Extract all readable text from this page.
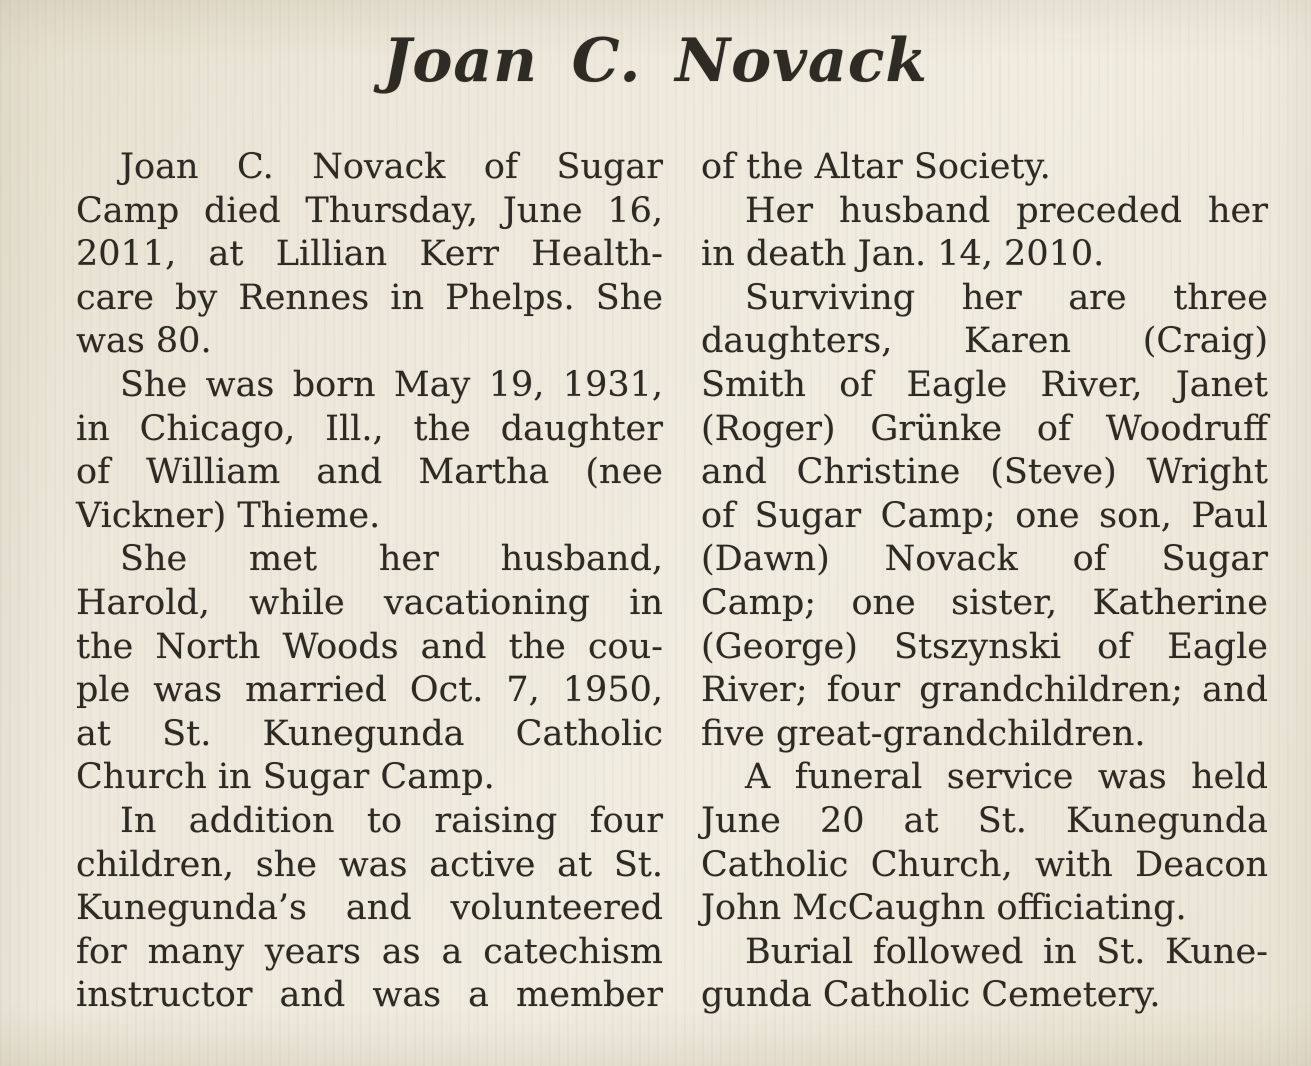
Joan C. Novack
Joan C. Novack of Sugar
Camp died Thursday, June 16,
2011, at Lillian Kerr Health-
care by Rennes in Phelps. She
was 80.
She was born May 19, 1931,
in Chicago, Ill., the daughter
of William and Martha (nee
Vickner) Thieme.
She met her husband,
Harold, while vacationing in
the North Woods and the cou-
ple was married Oct. 7, 1950,
at St. Kunegunda Catholic
Church in Sugar Camp.
In addition to raising four
children, she was active at St.
Kunegunda’s and volunteered
for many years as a catechism
instructor and was a member
of the Altar Society.
Her husband preceded her
in death Jan. 14, 2010.
Surviving her are three
daughters, Karen (Craig)
Smith of Eagle River, Janet
(Roger) Grünke of Woodruff
and Christine (Steve) Wright
of Sugar Camp; one son, Paul
(Dawn) Novack of Sugar
Camp; one sister, Katherine
(George) Stszynski of Eagle
River; four grandchildren; and
five great-grandchildren.
A funeral service was held
June 20 at St. Kunegunda
Catholic Church, with Deacon
John McCaughn officiating.
Burial followed in St. Kune-
gunda Catholic Cemetery.
